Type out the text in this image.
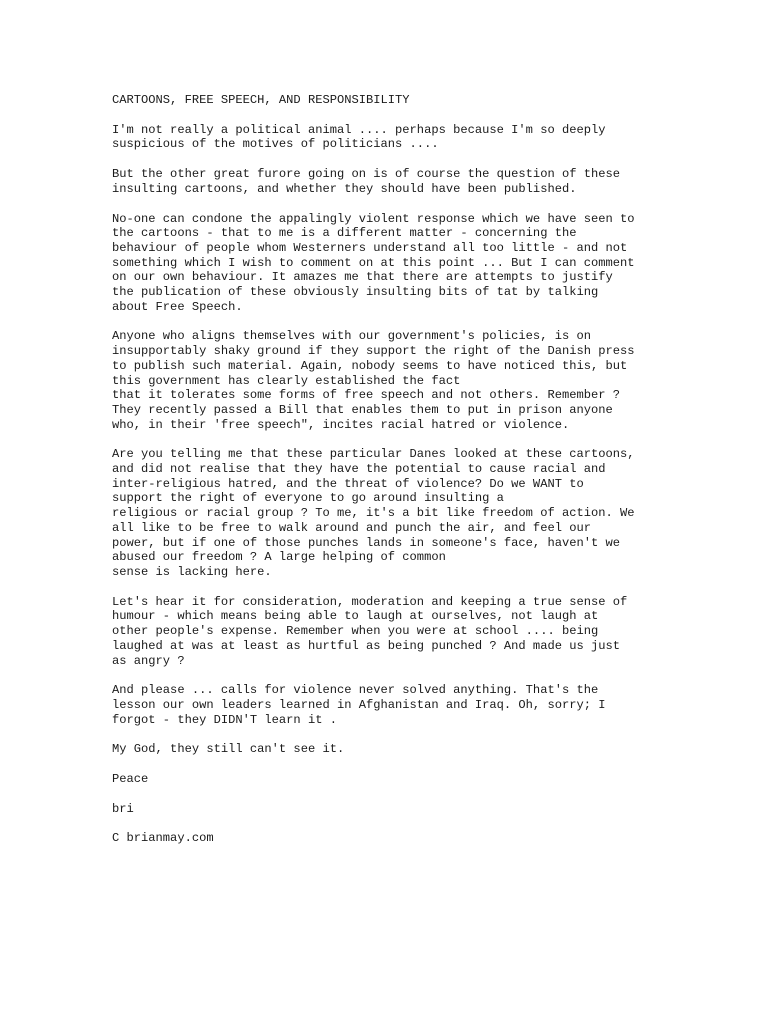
CARTOONS, FREE SPEECH, AND RESPONSIBILITY
I'm not really a political animal .... perhaps because I'm so deeply
suspicious of the motives of politicians ....
But the other great furore going on is of course the question of these
insulting cartoons, and whether they should have been published.
No-one can condone the appalingly violent response which we have seen to
the cartoons - that to me is a different matter - concerning the
behaviour of people whom Westerners understand all too little - and not
something which I wish to comment on at this point ... But I can comment
on our own behaviour. It amazes me that there are attempts to justify
the publication of these obviously insulting bits of tat by talking
about Free Speech.
Anyone who aligns themselves with our government's policies, is on
insupportably shaky ground if they support the right of the Danish press
to publish such material. Again, nobody seems to have noticed this, but
this government has clearly established the fact
that it tolerates some forms of free speech and not others. Remember ?
They recently passed a Bill that enables them to put in prison anyone
who, in their 'free speech", incites racial hatred or violence.
Are you telling me that these particular Danes looked at these cartoons,
and did not realise that they have the potential to cause racial and
inter-religious hatred, and the threat of violence? Do we WANT to
support the right of everyone to go around insulting a
religious or racial group ? To me, it's a bit like freedom of action. We
all like to be free to walk around and punch the air, and feel our
power, but if one of those punches lands in someone's face, haven't we
abused our freedom ? A large helping of common
sense is lacking here.
Let's hear it for consideration, moderation and keeping a true sense of
humour - which means being able to laugh at ourselves, not laugh at
other people's expense. Remember when you were at school .... being
laughed at was at least as hurtful as being punched ? And made us just
as angry ?
And please ... calls for violence never solved anything. That's the
lesson our own leaders learned in Afghanistan and Iraq. Oh, sorry; I
forgot - they DIDN'T learn it .
My God, they still can't see it.
Peace
bri
C brianmay.com
